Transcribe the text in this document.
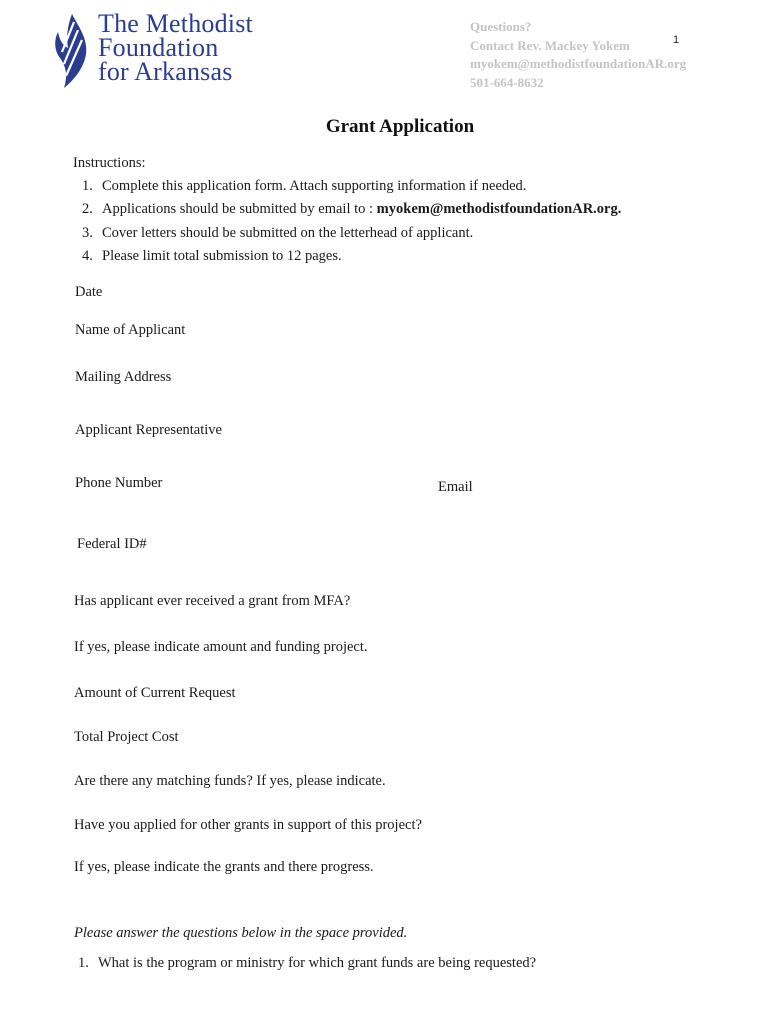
The Methodist
Foundation
for Arkansas
Questions?
Contact Rev. Mackey Yokem
myokem@methodistfoundationAR.org
501-664-8632
1
Grant Application
Instructions:
1. Complete this application form. Attach supporting information if needed.
2. Applications should be submitted by email to : myokem@methodistfoundationAR.org.
3. Cover letters should be submitted on the letterhead of applicant.
4. Please limit total submission to 12 pages.
Date
Name of Applicant
Mailing Address
Applicant Representative
Phone Number	Email
Federal ID#
Has applicant ever received a grant from MFA?
If yes, please indicate amount and funding project.
Amount of Current Request
Total Project Cost
Are there any matching funds? If yes, please indicate.
Have you applied for other grants in support of this project?
If yes, please indicate the grants and there progress.
Please answer the questions below in the space provided.
1. What is the program or ministry for which grant funds are being requested?
